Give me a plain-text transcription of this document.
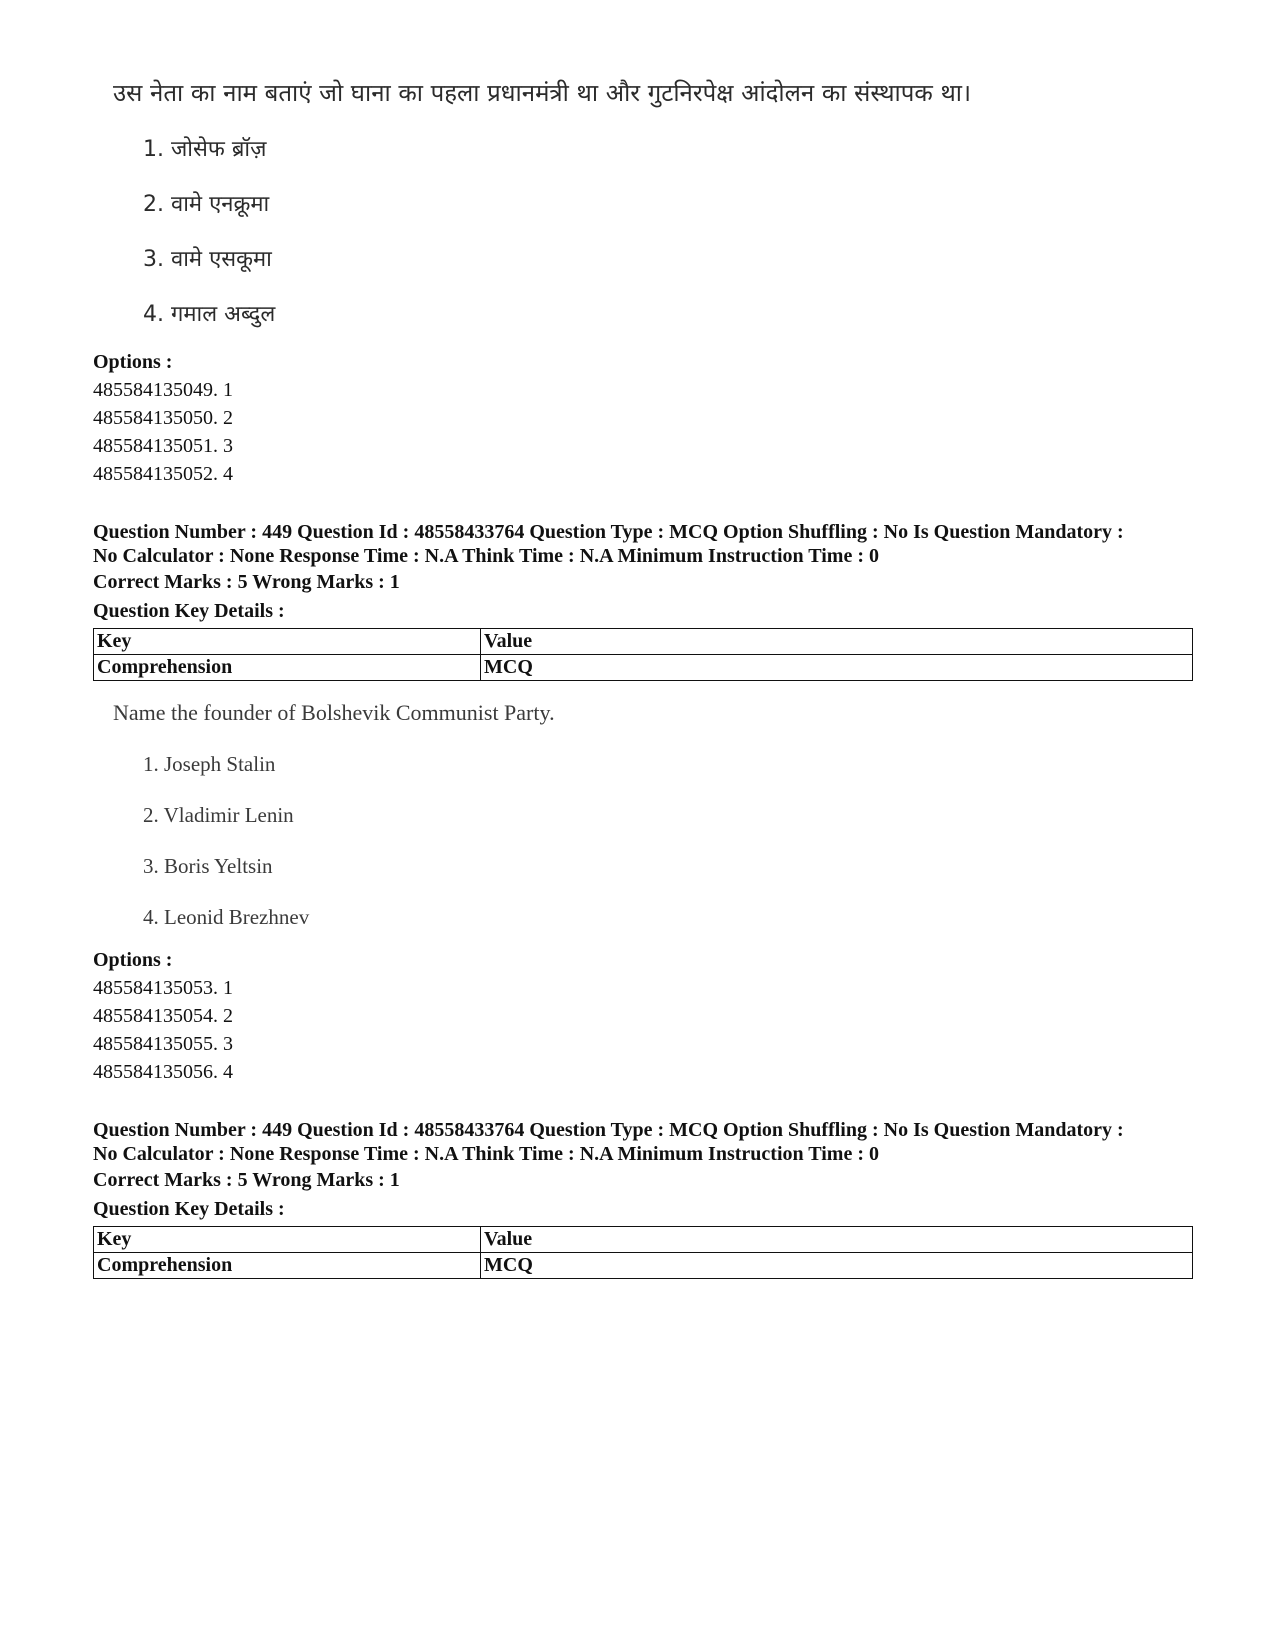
उस नेता का नाम बताएं जो घाना का पहला प्रधानमंत्री था और गुटनिरपेक्ष आंदोलन का संस्थापक था।
1. जोसेफ ब्रॉज़
2. वामे एनक्रूमा
3. वामे एसकूमा
4. गमाल अब्दुल
Options :
485584135049. 1
485584135050. 2
485584135051. 3
485584135052. 4
Question Number : 449 Question Id : 48558433764 Question Type : MCQ Option Shuffling : No Is Question Mandatory :
No Calculator : None Response Time : N.A Think Time : N.A Minimum Instruction Time : 0
Correct Marks : 5 Wrong Marks : 1
Question Key Details :
Key	Value
Comprehension	MCQ
Name the founder of Bolshevik Communist Party.
1. Joseph Stalin
2. Vladimir Lenin
3. Boris Yeltsin
4. Leonid Brezhnev
Options :
485584135053. 1
485584135054. 2
485584135055. 3
485584135056. 4
Question Number : 449 Question Id : 48558433764 Question Type : MCQ Option Shuffling : No Is Question Mandatory :
No Calculator : None Response Time : N.A Think Time : N.A Minimum Instruction Time : 0
Correct Marks : 5 Wrong Marks : 1
Question Key Details :
Key	Value
Comprehension	MCQ
